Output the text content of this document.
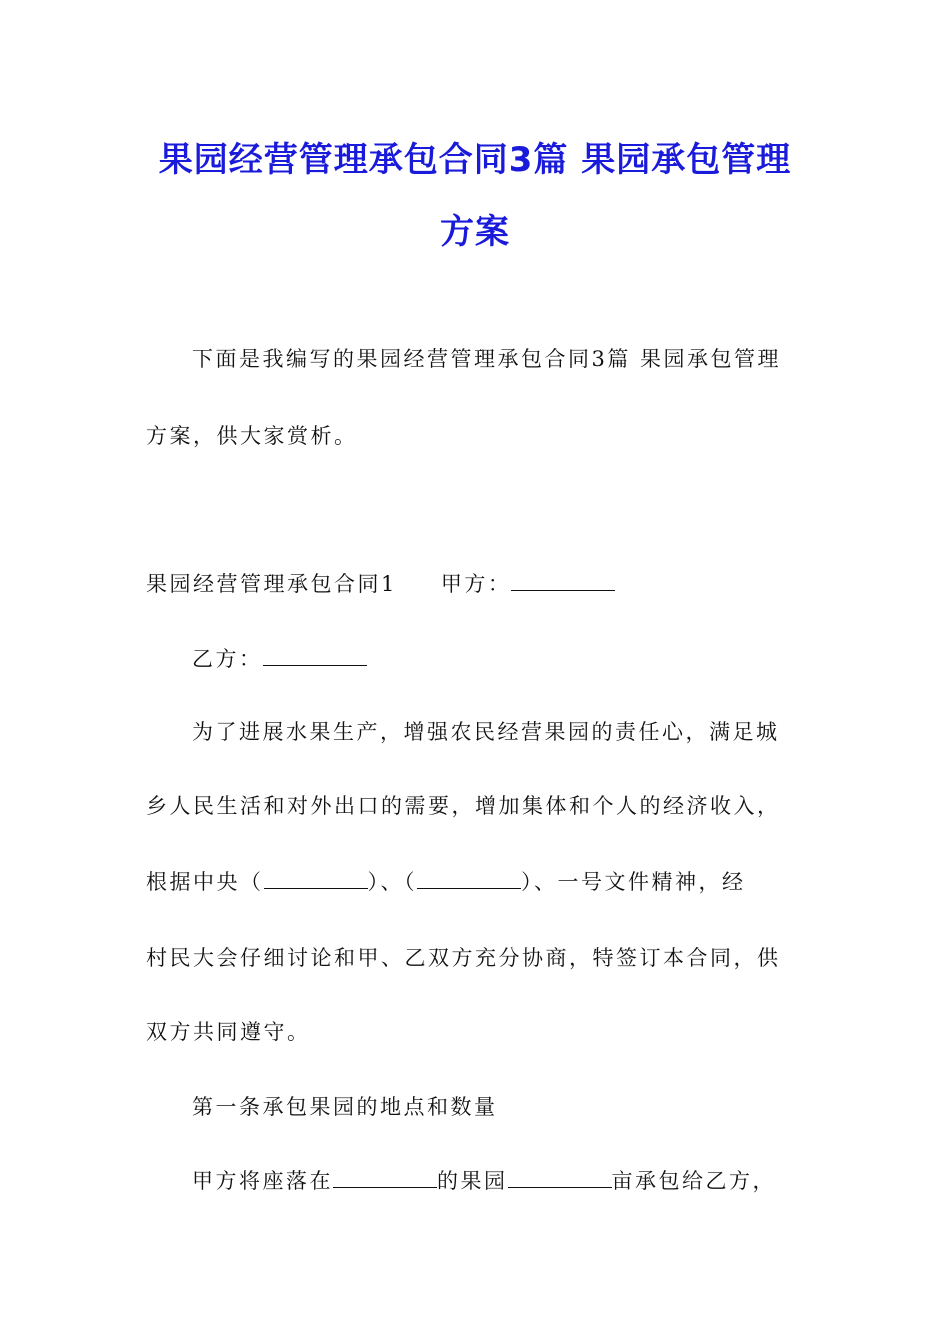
果园经营管理承包合同3篇 果园承包管理
方案
下面是我编写的果园经营管理承包合同3篇 果园承包管理
方案，供大家赏析。
果园经营管理承包合同1 甲方：
乙方：
为了进展水果生产，增强农民经营果园的责任心，满足城
乡人民生活和对外出口的需要，增加集体和个人的经济收入，
根据中央（	）、（	）、一号文件精神，经
村民大会仔细讨论和甲、乙双方充分协商，特签订本合同，供
双方共同遵守。
第一条承包果园的地点和数量
甲方将座落在	的果园	亩承包给乙方，
